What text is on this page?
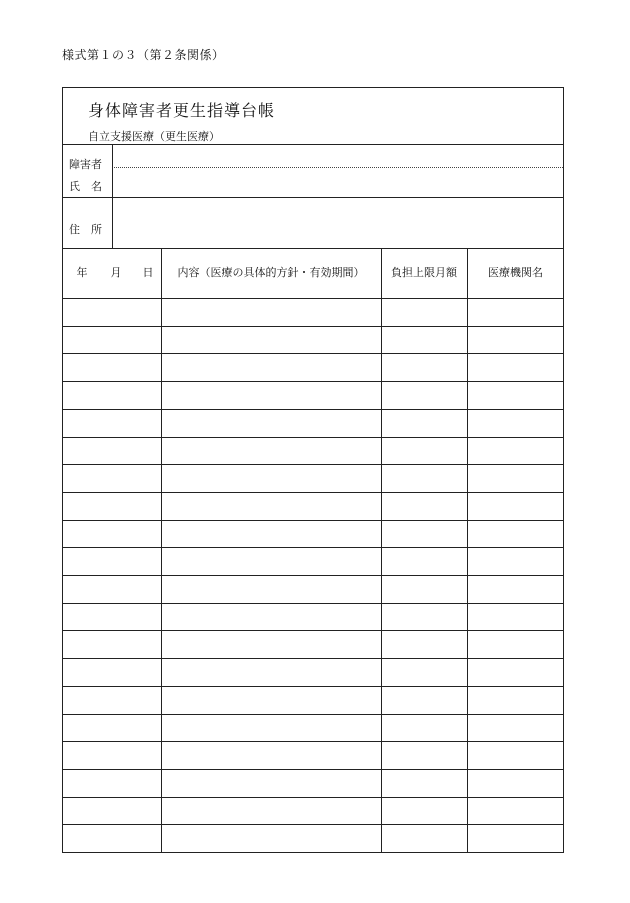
様式第１の３（第２条関係）
身体障害者更生指導台帳
自立支援医療（更生医療）
障害者
氏　名
住　所
年 月 日	内容（医療の具体的方針・有効期間）	負担上限月額	医療機関名
